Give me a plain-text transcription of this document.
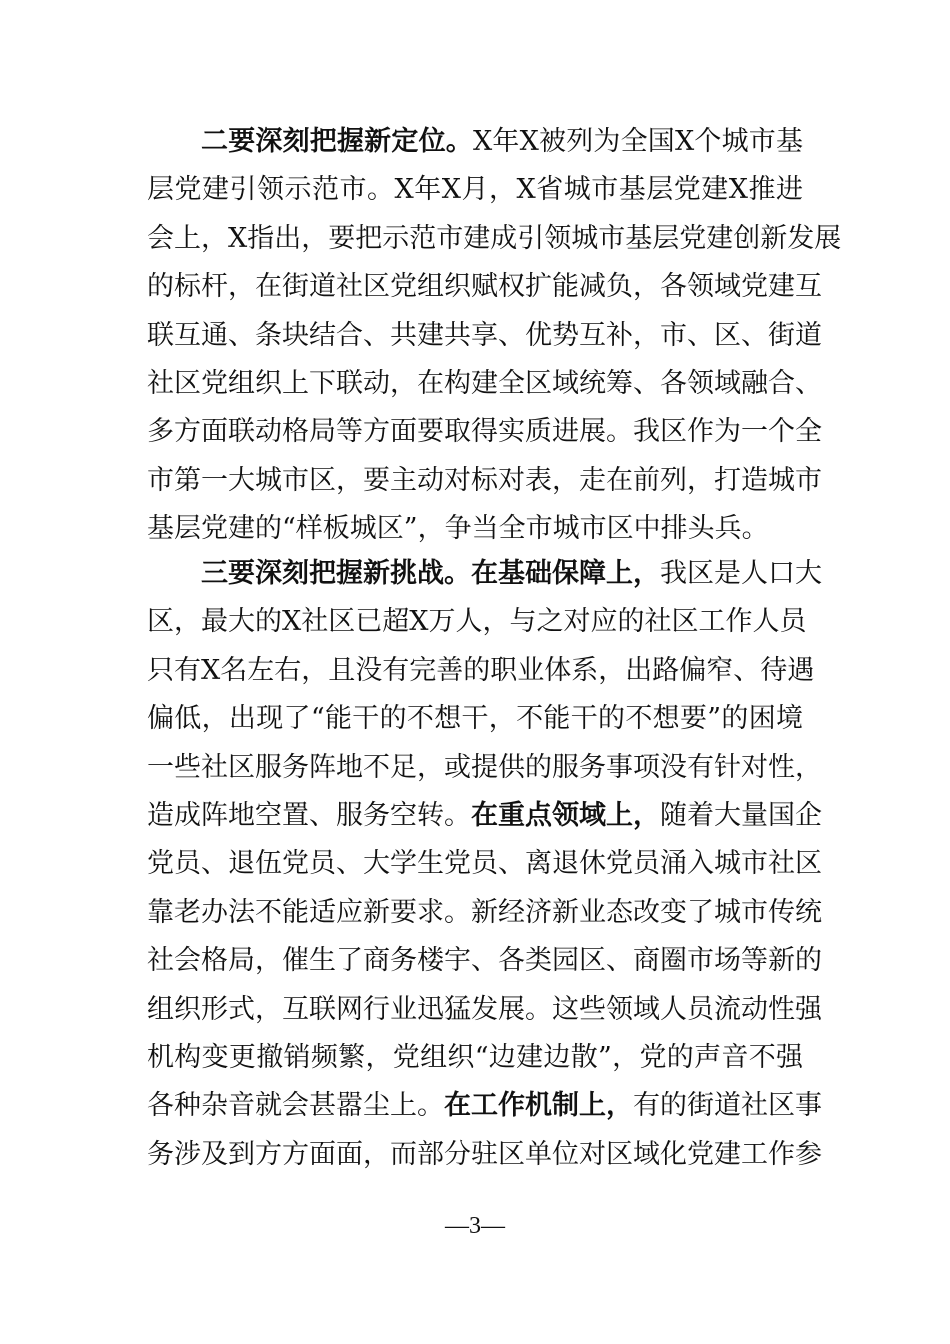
二要深刻把握新定位。X年X被列为全国X个城市基
层党建引领示范市。X年X月，X省城市基层党建X推进
会上，X指出，要把示范市建成引领城市基层党建创新发展
的标杆，在街道社区党组织赋权扩能减负，各领域党建互
联互通、条块结合、共建共享、优势互补，市、区、街道
社区党组织上下联动，在构建全区域统筹、各领域融合、
多方面联动格局等方面要取得实质进展。我区作为一个全
市第一大城市区，要主动对标对表，走在前列，打造城市
基层党建的“样板城区”，争当全市城市区中排头兵。
三要深刻把握新挑战。在基础保障上，我区是人口大
区，最大的X社区已超X万人，与之对应的社区工作人员
只有X名左右，且没有完善的职业体系，出路偏窄、待遇
偏低，出现了“能干的不想干，不能干的不想要”的困境
一些社区服务阵地不足，或提供的服务事项没有针对性，
造成阵地空置、服务空转。在重点领域上，随着大量国企
党员、退伍党员、大学生党员、离退休党员涌入城市社区
靠老办法不能适应新要求。新经济新业态改变了城市传统
社会格局，催生了商务楼宇、各类园区、商圈市场等新的
组织形式，互联网行业迅猛发展。这些领域人员流动性强
机构变更撤销频繁，党组织“边建边散”，党的声音不强
各种杂音就会甚嚣尘上。在工作机制上，有的街道社区事
务涉及到方方面面，而部分驻区单位对区域化党建工作参
—3—
